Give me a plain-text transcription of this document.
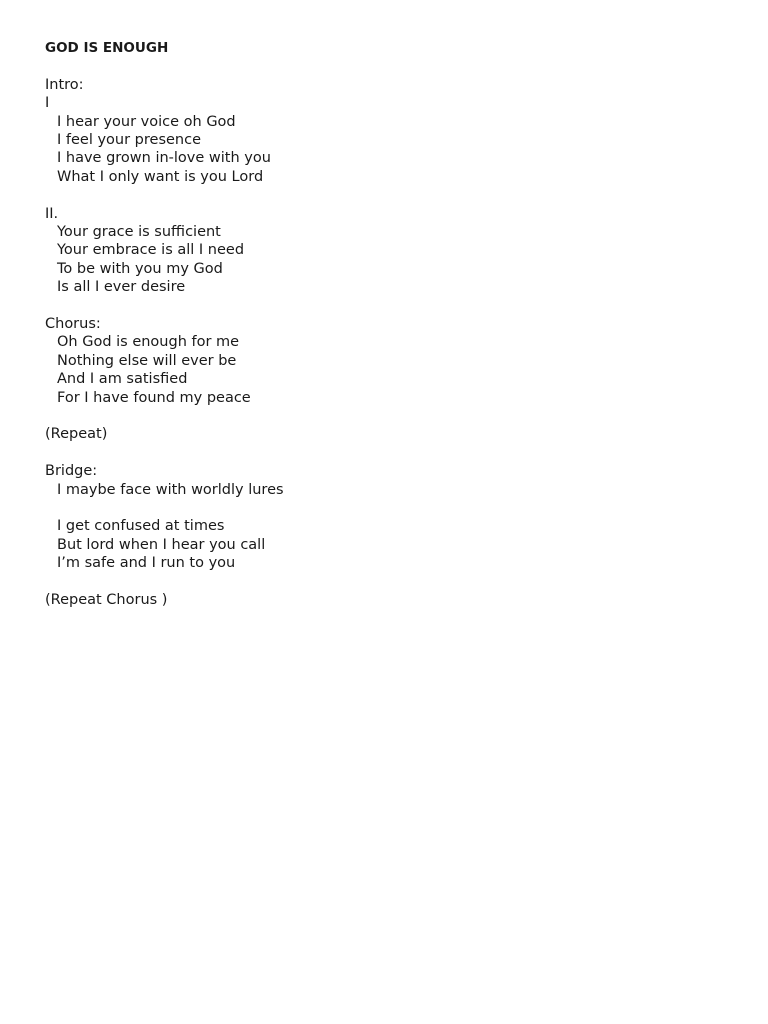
GOD IS ENOUGH
Intro:
I
I hear your voice oh God
I feel your presence
I have grown in-love with you
What I only want is you Lord
II.
Your grace is sufficient
Your embrace is all I need
To be with you my God
Is all I ever desire
Chorus:
Oh God is enough for me
Nothing else will ever be
And I am satisfied
For I have found my peace
(Repeat)
Bridge:
I maybe face with worldly lures
I get confused at times
But lord when I hear you call
I’m safe and I run to you
(Repeat Chorus )
